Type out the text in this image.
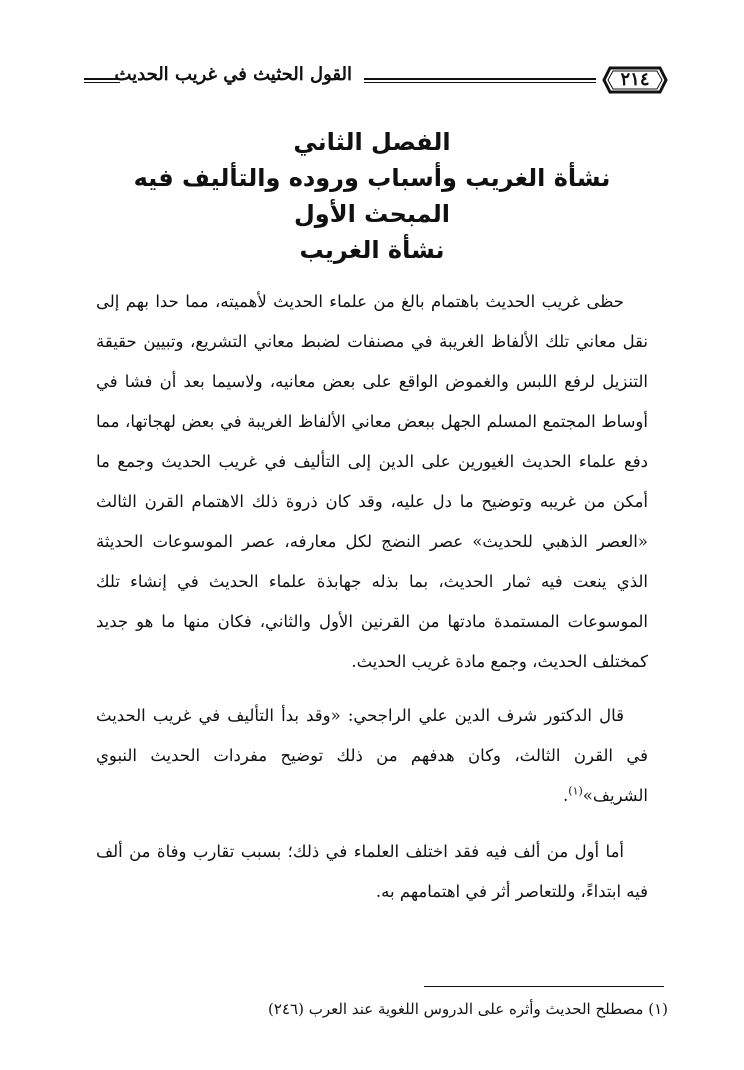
القول الحثيث في غريب الحديث	٢١٤
الفصل الثاني
نشأة الغريب وأسباب وروده والتأليف فيه
المبحث الأول
نشأة الغريب

حظى غريب الحديث باهتمام بالغ من علماء الحديث لأهميته، مما حدا بهم إلى نقل معاني تلك الألفاظ الغريبة في مصنفات لضبط معاني التشريع، وتبيين حقيقة التنزيل لرفع اللبس والغموض الواقع على بعض معانيه، ولاسيما بعد أن فشا في أوساط المجتمع المسلم الجهل ببعض معاني الألفاظ الغريبة في بعض لهجاتها، مما دفع علماء الحديث الغيورين على الدين إلى التأليف في غريب الحديث وجمع ما أمكن من غريبه وتوضيح ما دل عليه، وقد كان ذروة ذلك الاهتمام القرن الثالث «العصر الذهبي للحديث» عصر النضج لكل معارفه، عصر الموسوعات الحديثة الذي ينعت فيه ثمار الحديث، بما بذله جهابذة علماء الحديث في إنشاء تلك الموسوعات المستمدة مادتها من القرنين الأول والثاني، فكان منها ما هو جديد كمختلف الحديث، وجمع مادة غريب الحديث.

قال الدكتور شرف الدين علي الراجحي: «وقد بدأ التأليف في غريب الحديث في القرن الثالث، وكان هدفهم من ذلك توضيح مفردات الحديث النبوي الشريف»$^{(١)}$.

أما أول من ألف فيه فقد اختلف العلماء في ذلك؛ بسبب تقارب وفاة من ألف فيه ابتداءً، وللتعاصر أثر في اهتمامهم به.

(١) مصطلح الحديث وأثره على الدروس اللغوية عند العرب (٢٤٦)
